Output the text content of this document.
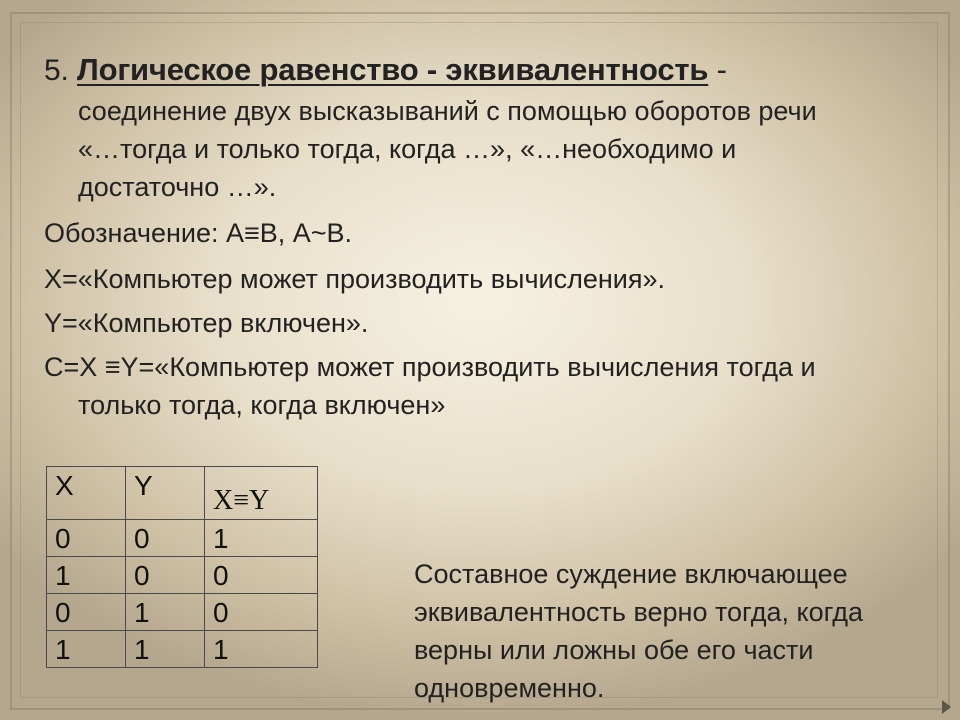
5. Логическое равенство - эквивалентность -

соединение двух высказываний с помощью оборотов речи

«…тогда и только тогда, когда …», «…необходимо и

достаточно …».

Обозначение: А≡В, А~В.

X=«Компьютер может производить вычисления».

Y=«Компьютер включен».

С=Х ≡Y=«Компьютер может производить вычисления тогда и

только тогда, когда включен»

X	Y	X≡Y
0	0	1
1	0	0
0	1	0
1	1	1

Составное суждение включающее

эквивалентность верно тогда, когда

верны или ложны обе его части

одновременно.
